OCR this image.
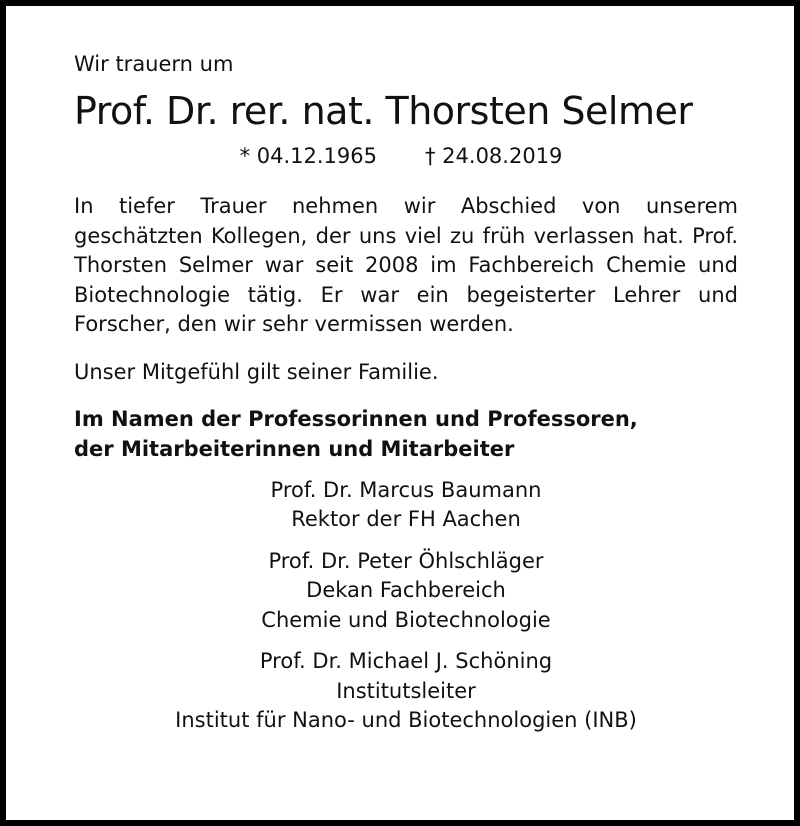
Wir trauern um

Prof. Dr. rer. nat. Thorsten Selmer

* 04.12.1965 † 24.08.2019

In tiefer Trauer nehmen wir Abschied von unserem geschätzten Kollegen, der uns viel zu früh verlassen hat. Prof. Thorsten Selmer war seit 2008 im Fachbereich Chemie und Biotechnologie tätig. Er war ein begeisterter Lehrer und Forscher, den wir sehr vermissen werden.

Unser Mitgefühl gilt seiner Familie.

Im Namen der Professorinnen und Professoren,
der Mitarbeiterinnen und Mitarbeiter
Prof. Dr. Marcus Baumann
Rektor der FH Aachen
Prof. Dr. Peter Öhlschläger
Dekan Fachbereich
Chemie und Biotechnologie
Prof. Dr. Michael J. Schöning
Institutsleiter
Institut für Nano- und Biotechnologien (INB)
